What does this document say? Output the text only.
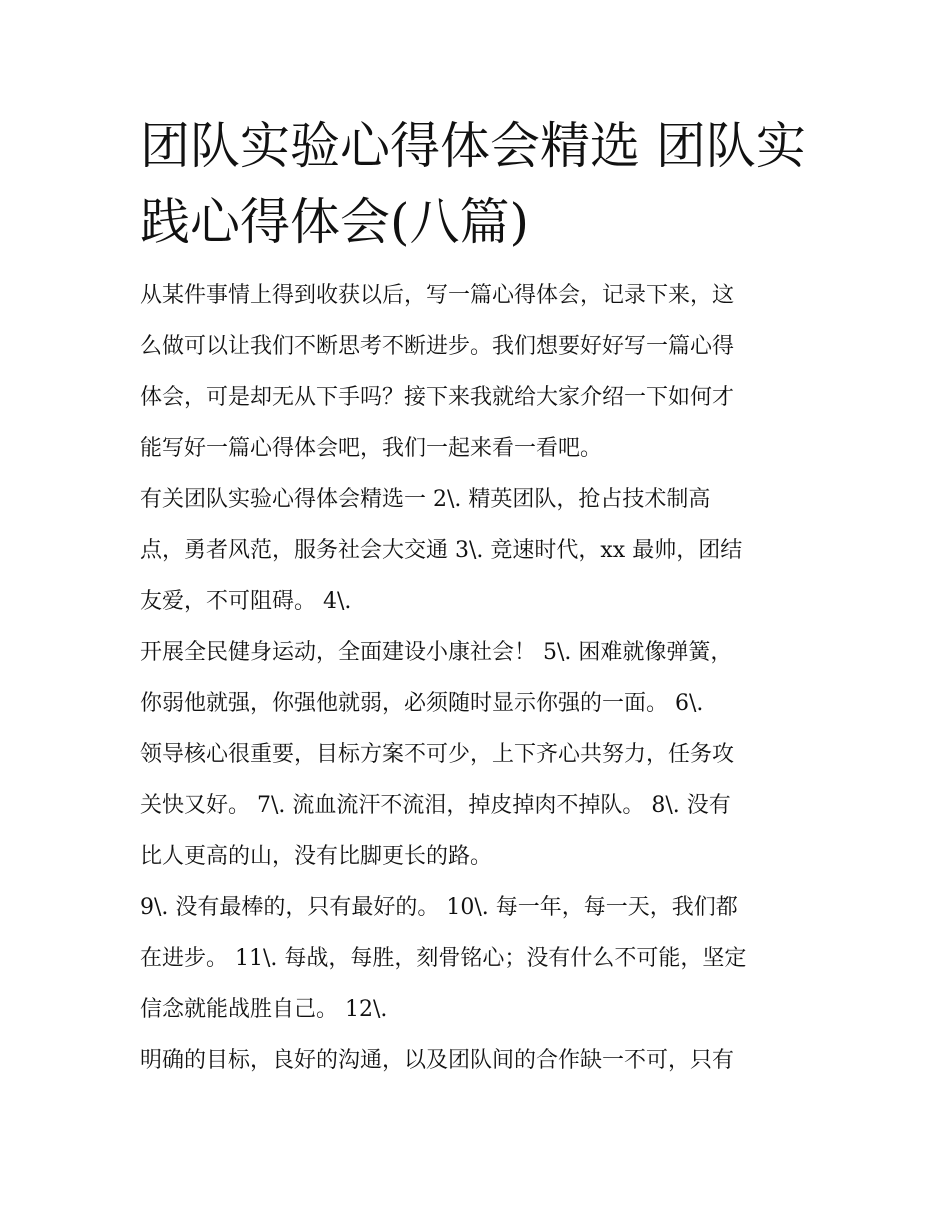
团队实验心得体会精选 团队实
践心得体会(八篇)

从某件事情上得到收获以后，写一篇心得体会，记录下来，这
么做可以让我们不断思考不断进步。我们想要好好写一篇心得
体会，可是却无从下手吗？接下来我就给大家介绍一下如何才
能写好一篇心得体会吧，我们一起来看一看吧。

有关团队实验心得体会精选一 2\. 精英团队，抢占技术制高
点，勇者风范，服务社会大交通 3\. 竞速时代，xx 最帅，团结
友爱，不可阻碍。 4\.

开展全民健身运动，全面建设小康社会！ 5\. 困难就像弹簧，
你弱他就强，你强他就弱，必须随时显示你强的一面。 6\.
领导核心很重要，目标方案不可少，上下齐心共努力，任务攻
关快又好。 7\. 流血流汗不流泪，掉皮掉肉不掉队。 8\. 没有
比人更高的山，没有比脚更长的路。

9\. 没有最棒的，只有最好的。 10\. 每一年，每一天，我们都
在进步。 11\. 每战，每胜，刻骨铭心；没有什么不可能，坚定
信念就能战胜自己。 12\.

明确的目标，良好的沟通，以及团队间的合作缺一不可，只有
